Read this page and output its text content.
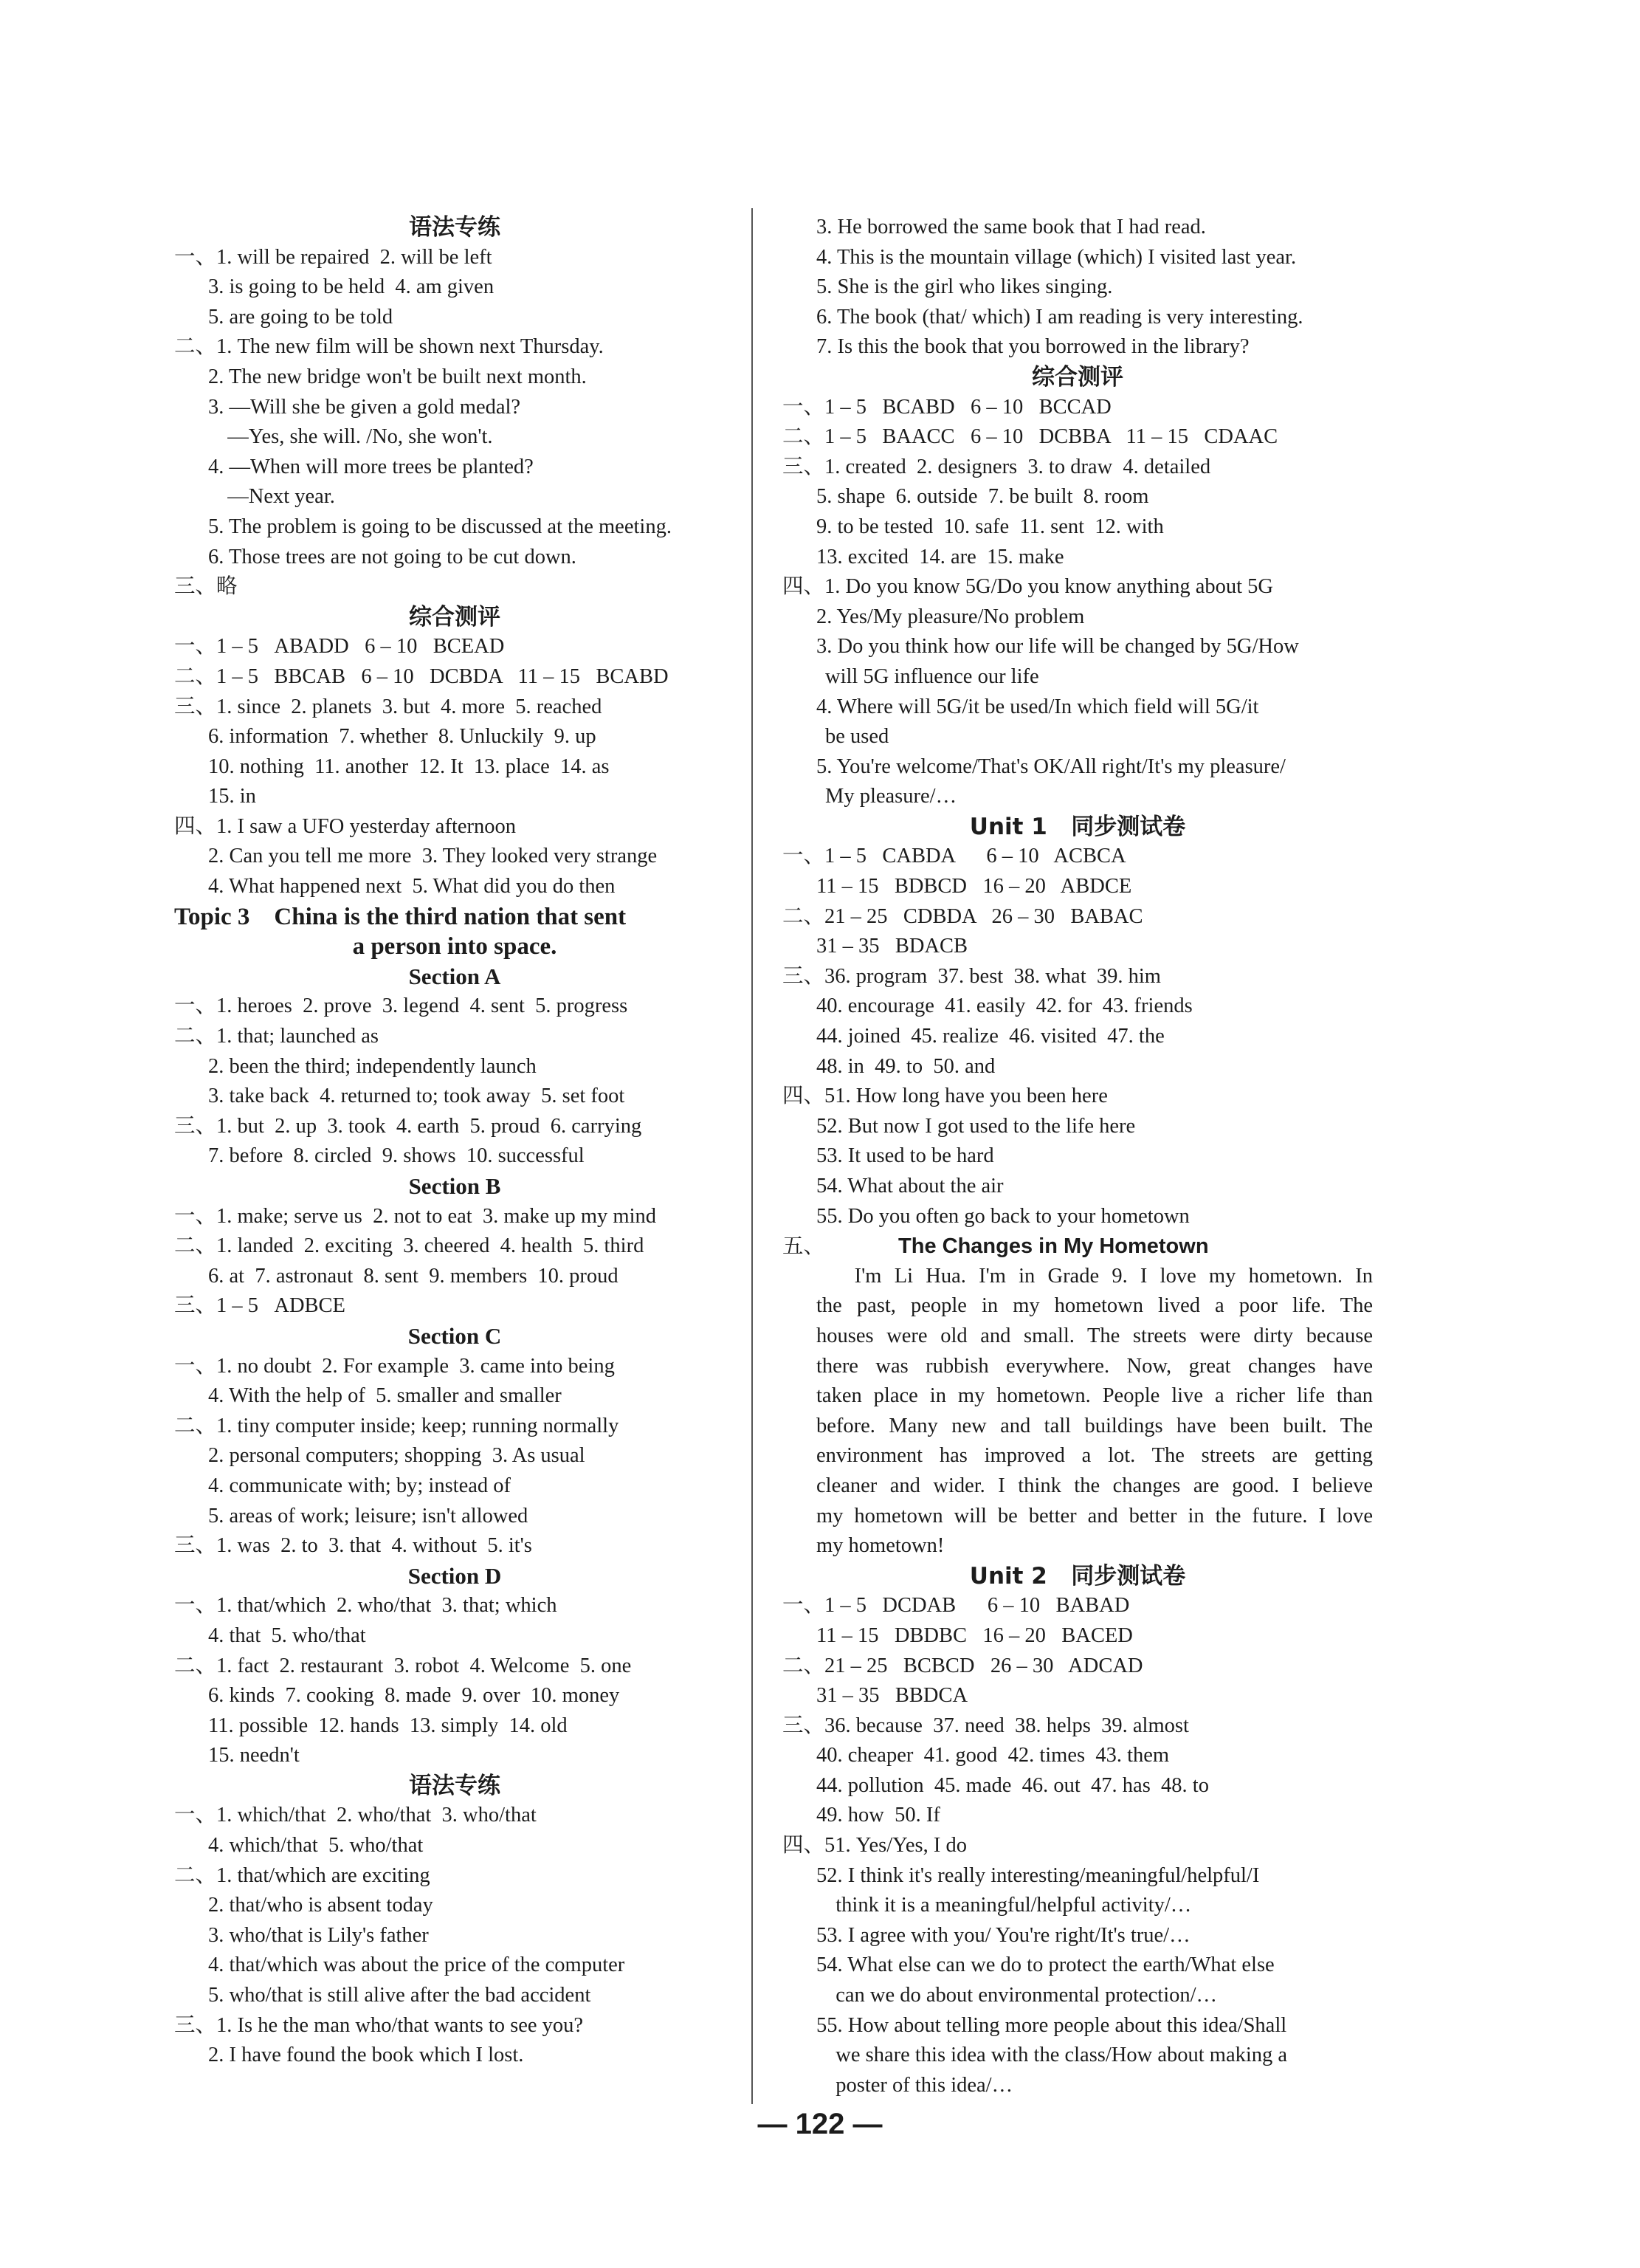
语法专练
一、1. will be repaired  2. will be left
3. is going to be held  4. am given
5. are going to be told
二、1. The new film will be shown next Thursday.
2. The new bridge won't be built next month.
3. —Will she be given a gold medal?
—Yes, she will. /No, she won't.
4. —When will more trees be planted?
—Next year.
5. The problem is going to be discussed at the meeting.
6. Those trees are not going to be cut down.
三、略
综合测评
一、1 – 5   ABADD   6 – 10   BCEAD
二、1 – 5   BBCAB   6 – 10   DCBDA   11 – 15   BCABD
三、1. since  2. planets  3. but  4. more  5. reached
6. information  7. whether  8. Unluckily  9. up
10. nothing  11. another  12. It  13. place  14. as
15. in
四、1. I saw a UFO yesterday afternoon
2. Can you tell me more  3. They looked very strange
4. What happened next  5. What did you do then
Topic 3    China is the third nation that sent
a person into space.
Section A
一、1. heroes  2. prove  3. legend  4. sent  5. progress
二、1. that; launched as
2. been the third; independently launch
3. take back  4. returned to; took away  5. set foot
三、1. but  2. up  3. took  4. earth  5. proud  6. carrying
7. before  8. circled  9. shows  10. successful
Section B
一、1. make; serve us  2. not to eat  3. make up my mind
二、1. landed  2. exciting  3. cheered  4. health  5. third
6. at  7. astronaut  8. sent  9. members  10. proud
三、1 – 5   ADBCE
Section C
一、1. no doubt  2. For example  3. came into being
4. With the help of  5. smaller and smaller
二、1. tiny computer inside; keep; running normally
2. personal computers; shopping  3. As usual
4. communicate with; by; instead of
5. areas of work; leisure; isn't allowed
三、1. was  2. to  3. that  4. without  5. it's
Section D
一、1. that/which  2. who/that  3. that; which
4. that  5. who/that
二、1. fact  2. restaurant  3. robot  4. Welcome  5. one
6. kinds  7. cooking  8. made  9. over  10. money
11. possible  12. hands  13. simply  14. old
15. needn't
语法专练
一、1. which/that  2. who/that  3. who/that
4. which/that  5. who/that
二、1. that/which are exciting
2. that/who is absent today
3. who/that is Lily's father
4. that/which was about the price of the computer
5. who/that is still alive after the bad accident
三、1. Is he the man who/that wants to see you?
2. I have found the book which I lost.
3. He borrowed the same book that I had read.
4. This is the mountain village (which) I visited last year.
5. She is the girl who likes singing.
6. The book (that/ which) I am reading is very interesting.
7. Is this the book that you borrowed in the library?
综合测评
一、1 – 5   BCABD   6 – 10   BCCAD
二、1 – 5   BAACC   6 – 10   DCBBA   11 – 15   CDAAC
三、1. created  2. designers  3. to draw  4. detailed
5. shape  6. outside  7. be built  8. room
9. to be tested  10. safe  11. sent  12. with
13. excited  14. are  15. make
四、1. Do you know 5G/Do you know anything about 5G
2. Yes/My pleasure/No problem
3. Do you think how our life will be changed by 5G/How
will 5G influence our life
4. Where will 5G/it be used/In which field will 5G/it
be used
5. You're welcome/That's OK/All right/It's my pleasure/
My pleasure/…
Unit 1   同步测试卷
一、1 – 5   CABDA      6 – 10   ACBCA
11 – 15   BDBCD   16 – 20   ABDCE
二、21 – 25   CDBDA   26 – 30   BABAC
31 – 35   BDACB
三、36. program  37. best  38. what  39. him
40. encourage  41. easily  42. for  43. friends
44. joined  45. realize  46. visited  47. the
48. in  49. to  50. and
四、51. How long have you been here
52. But now I got used to the life here
53. It used to be hard
54. What about the air
55. Do you often go back to your hometown
五、	The Changes in My Hometown
I'm Li Hua. I'm in Grade 9. I love my hometown. In
the past, people in my hometown lived a poor life. The
houses were old and small. The streets were dirty because
there was rubbish everywhere. Now, great changes have
taken place in my hometown. People live a richer life than
before. Many new and tall buildings have been built. The
environment has improved a lot. The streets are getting
cleaner and wider. I think the changes are good. I believe
my hometown will be better and better in the future. I love
my hometown!
Unit 2   同步测试卷
一、1 – 5   DCDAB      6 – 10   BABAD
11 – 15   DBDBC   16 – 20   BACED
二、21 – 25   BCBCD   26 – 30   ADCAD
31 – 35   BBDCA
三、36. because  37. need  38. helps  39. almost
40. cheaper  41. good  42. times  43. them
44. pollution  45. made  46. out  47. has  48. to
49. how  50. If
四、51. Yes/Yes, I do
52. I think it's really interesting/meaningful/helpful/I
think it is a meaningful/helpful activity/…
53. I agree with you/ You're right/It's true/…
54. What else can we do to protect the earth/What else
can we do about environmental protection/…
55. How about telling more people about this idea/Shall
we share this idea with the class/How about making a
poster of this idea/…
— 122 —
